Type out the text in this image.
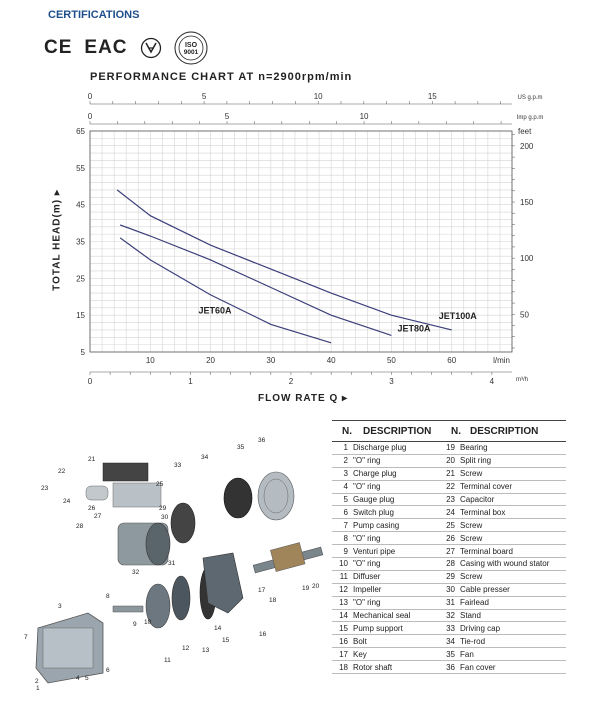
CERTIFICATIONS
CE EAC	ISO
9001
PERFORMANCE CHART AT n=2900rpm/min
TOTAL HEAD(m) ▸
5
15
25
35
45
55
65
10	20	30	40	50	60	l/min
0	5	10	15	US g.p.m
0	5	10	Imp g.p.m
0	1	2	3	4	m³/h
feet
50
100
150
200
JET60A
JET80A
JET100A
FLOW RATE Q ▸
1
2
3
4 5
6
7
8
9 10
11
12 13
14
15
16
17
18
19 20
21
22
23
24
25
26
27
28
29
30
31
32
33
34
35
36
N.	DESCRIPTION	N. DESCRIPTION
1 Discharge plug	19 Bearing
2 "O" ring	20 Split ring
3 Charge plug	21 Screw
4 "O" ring	22 Terminal cover
5 Gauge plug	23 Capacitor
6 Switch plug	24 Terminal box
7 Pump casing	25 Screw
8 "O" ring	26 Screw
9 Venturi pipe	27 Terminal board
10 "O" ring	28 Casing with wound stator
11 Diffuser	29 Screw
12 Impeller	30 Cable presser
13 "O" ring	31 Fairlead
14 Mechanical seal	32 Stand
15 Pump support	33 Driving cap
16 Bolt	34 Tie-rod
17 Key	35 Fan
18 Rotor shaft	36 Fan cover
